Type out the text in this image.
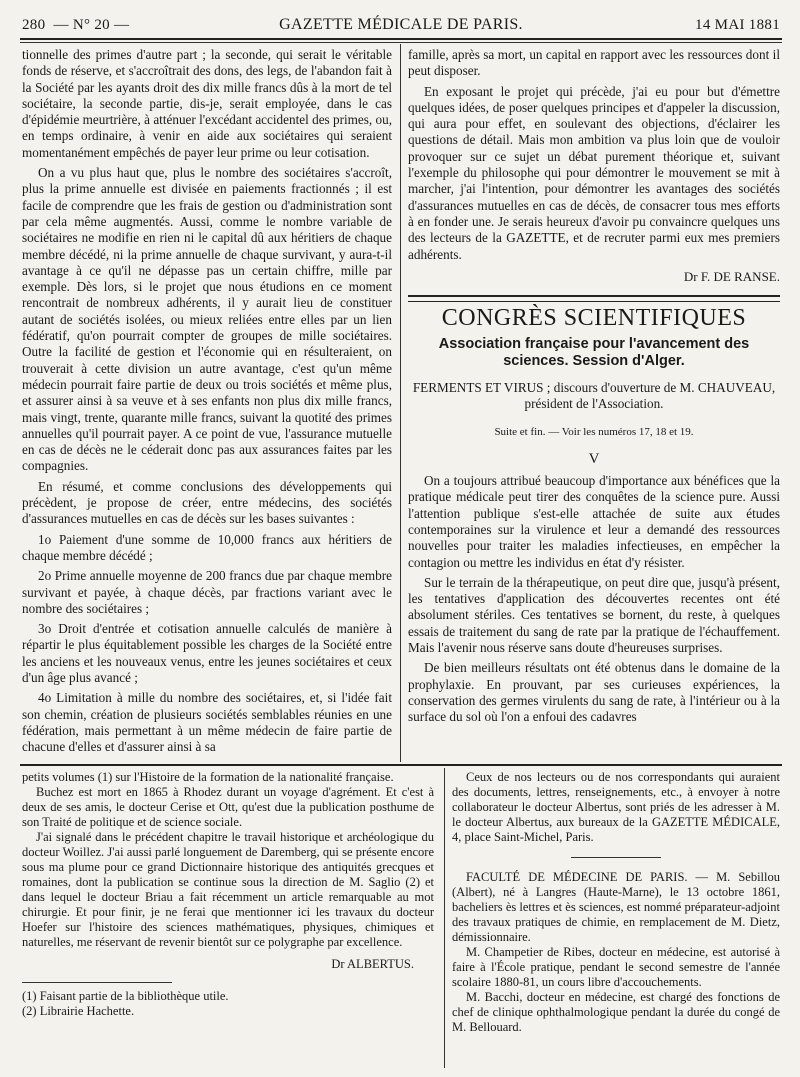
280 — N° 20 —	GAZETTE MÉDICALE DE PARIS.	14 MAI 1881

tionnelle des primes d'autre part ; la seconde, qui serait le véritable fonds de réserve, et s'accroîtrait des dons, des legs, de l'abandon fait à la Société par les ayants droit des dix mille francs dûs à la mort de tel sociétaire, la seconde partie, dis-je, serait employée, dans le cas d'épidémie meurtrière, à atténuer l'excédant accidentel des primes, ou, en temps ordinaire, à venir en aide aux sociétaires qui seraient momentanément empêchés de payer leur prime ou leur cotisation.

On a vu plus haut que, plus le nombre des sociétaires s'accroît, plus la prime annuelle est divisée en paiements fractionnés ; il est facile de comprendre que les frais de gestion ou d'administration sont par cela même augmentés. Aussi, comme le nombre variable de sociétaires ne modifie en rien ni le capital dû aux héritiers de chaque membre décédé, ni la prime annuelle de chaque survivant, y aura-t-il avantage à ce qu'il ne dépasse pas un certain chiffre, mille par exemple. Dès lors, si le projet que nous étudions en ce moment rencontrait de nombreux adhérents, il y aurait lieu de constituer autant de sociétés isolées, ou mieux reliées entre elles par un lien fédératif, qu'on pourrait compter de groupes de mille sociétaires. Outre la facilité de gestion et l'économie qui en résulteraient, on trouverait à cette division un autre avantage, c'est qu'un même médecin pourrait faire partie de deux ou trois sociétés et même plus, et assurer ainsi à sa veuve et à ses enfants non plus dix mille francs, mais vingt, trente, quarante mille francs, suivant la quotité des primes annuelles qu'il pourrait payer. A ce point de vue, l'assurance mutuelle en cas de décès ne le céderait donc pas aux assurances faites par les compagnies.

En résumé, et comme conclusions des développements qui précèdent, je propose de créer, entre médecins, des sociétés d'assurances mutuelles en cas de décès sur les bases suivantes :

1o Paiement d'une somme de 10,000 francs aux héritiers de chaque membre décédé ;

2o Prime annuelle moyenne de 200 francs due par chaque membre survivant et payée, à chaque décès, par fractions variant avec le nombre des sociétaires ;

3o Droit d'entrée et cotisation annuelle calculés de manière à répartir le plus équitablement possible les charges de la Société entre les anciens et les nouveaux venus, entre les jeunes sociétaires et ceux d'un âge plus avancé ;

4o Limitation à mille du nombre des sociétaires, et, si l'idée fait son chemin, création de plusieurs sociétés semblables réunies en une fédération, mais permettant à un même médecin de faire partie de chacune d'elles et d'assurer ainsi à sa

famille, après sa mort, un capital en rapport avec les ressources dont il peut disposer.

En exposant le projet qui précède, j'ai eu pour but d'émettre quelques idées, de poser quelques principes et d'appeler la discussion, qui aura pour effet, en soulevant des objections, d'éclairer les questions de détail. Mais mon ambition va plus loin que de vouloir provoquer sur ce sujet un débat purement théorique et, suivant l'exemple du philosophe qui pour démontrer le mouvement se mit à marcher, j'ai l'intention, pour démontrer les avantages des sociétés d'assurances mutuelles en cas de décès, de consacrer tous mes efforts à en fonder une. Je serais heureux d'avoir pu convaincre quelques uns des lecteurs de la GAZETTE, et de recruter parmi eux mes premiers adhérents.

Dr F. DE RANSE.
CONGRÈS SCIENTIFIQUES
Association française pour l'avancement des sciences. Session d'Alger.
FERMENTS ET VIRUS ; discours d'ouverture de M. CHAUVEAU, président de l'Association.
Suite et fin. — Voir les numéros 17, 18 et 19.
V

On a toujours attribué beaucoup d'importance aux bénéfices que la pratique médicale peut tirer des conquêtes de la science pure. Aussi l'attention publique s'est-elle attachée de suite aux études contemporaines sur la virulence et leur a demandé des ressources nouvelles pour traiter les maladies infectieuses, en empêcher la contagion ou mettre les individus en état d'y résister.

Sur le terrain de la thérapeutique, on peut dire que, jusqu'à présent, les tentatives d'application des découvertes recentes ont été absolument stériles. Ces tentatives se bornent, du reste, à quelques essais de traitement du sang de rate par la pratique de l'échauffement. Mais l'avenir nous réserve sans doute d'heureuses surprises.

De bien meilleurs résultats ont été obtenus dans le domaine de la prophylaxie. En prouvant, par ses curieuses expériences, la conservation des germes virulents du sang de rate, à l'intérieur ou à la surface du sol où l'on a enfoui des cadavres

petits volumes (1) sur l'Histoire de la formation de la nationalité française.

Buchez est mort en 1865 à Rhodez durant un voyage d'agrément. Et c'est à deux de ses amis, le docteur Cerise et Ott, qu'est due la publication posthume de son Traité de politique et de science sociale.

J'ai signalé dans le précédent chapitre le travail historique et archéologique du docteur Woillez. J'ai aussi parlé longuement de Daremberg, qui se présente encore sous ma plume pour ce grand Dictionnaire historique des antiquités grecques et romaines, dont la publication se continue sous la direction de M. Saglio (2) et dans lequel le docteur Briau a fait récemment un article remarquable au mot chirurgie. Et pour finir, je ne ferai que mentionner ici les travaux du docteur Hoefer sur l'histoire des sciences mathématiques, physiques, chimiques et naturelles, me réservant de revenir bientôt sur ce polygraphe par excellence.

Dr ALBERTUS.

(1) Faisant partie de la bibliothèque utile.

(2) Librairie Hachette.

Ceux de nos lecteurs ou de nos correspondants qui auraient des documents, lettres, renseignements, etc., à envoyer à notre collaborateur le docteur Albertus, sont priés de les adresser à M. le docteur Albertus, aux bureaux de la GAZETTE MÉDICALE, 4, place Saint-Michel, Paris.

FACULTÉ DE MÉDECINE DE PARIS. — M. Sebillou (Albert), né à Langres (Haute-Marne), le 13 octobre 1861, bacheliers ès lettres et ès sciences, est nommé préparateur-adjoint des travaux pratiques de chimie, en remplacement de M. Dietz, démissionnaire.

M. Champetier de Ribes, docteur en médecine, est autorisé à faire à l'École pratique, pendant le second semestre de l'année scolaire 1880-81, un cours libre d'accouchements.

M. Bacchi, docteur en médecine, est chargé des fonctions de chef de clinique ophthalmologique pendant la durée du congé de M. Bellouard.
